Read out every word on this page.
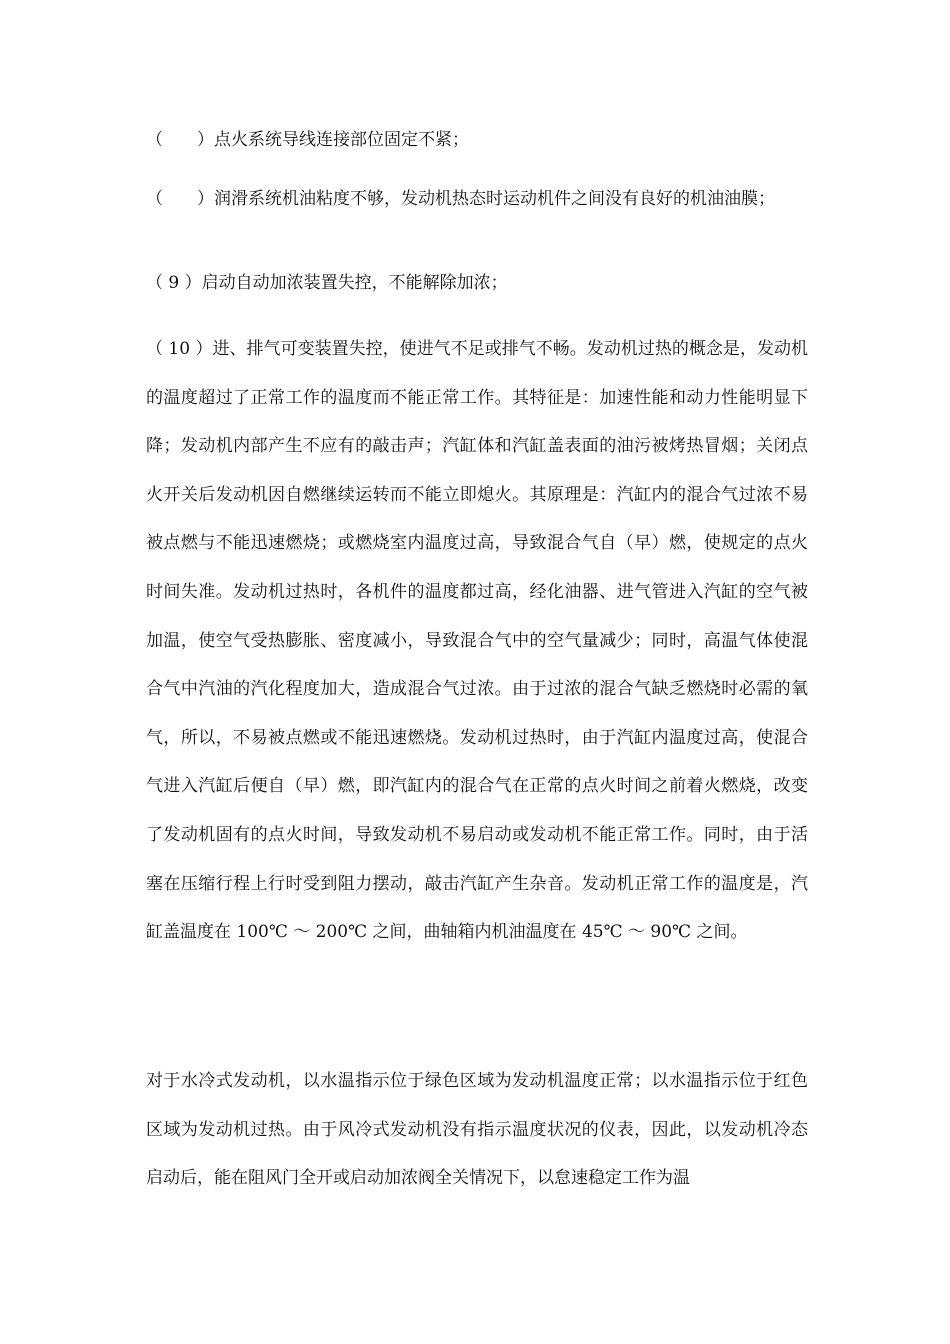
（　　）点火系统导线连接部位固定不紧；

（　　）润滑系统机油粘度不够，发动机热态时运动机件之间没有良好的机油油膜；

（ 9 ）启动自动加浓装置失控，不能解除加浓；

（ 10 ）进、排气可变装置失控，使进气不足或排气不畅。发动机过热的概念是，发动机的温度超过了正常工作的温度而不能正常工作。其特征是：加速性能和动力性能明显下降；发动机内部产生不应有的敲击声；汽缸体和汽缸盖表面的油污被烤热冒烟；关闭点火开关后发动机因自燃继续运转而不能立即熄火。其原理是：汽缸内的混合气过浓不易被点燃与不能迅速燃烧；或燃烧室内温度过高，导致混合气自（早）燃，使规定的点火时间失准。发动机过热时，各机件的温度都过高，经化油器、进气管进入汽缸的空气被加温，使空气受热膨胀、密度减小，导致混合气中的空气量减少；同时，高温气体使混合气中汽油的汽化程度加大，造成混合气过浓。由于过浓的混合气缺乏燃烧时必需的氧气，所以，不易被点燃或不能迅速燃烧。发动机过热时，由于汽缸内温度过高，使混合气进入汽缸后便自（早）燃，即汽缸内的混合气在正常的点火时间之前着火燃烧，改变了发动机固有的点火时间，导致发动机不易启动或发动机不能正常工作。同时，由于活塞在压缩行程上行时受到阻力摆动，敲击汽缸产生杂音。发动机正常工作的温度是，汽缸盖温度在 100℃ ～ 200℃ 之间，曲轴箱内机油温度在 45℃ ～ 90℃ 之间。

对于水冷式发动机，以水温指示位于绿色区域为发动机温度正常；以水温指示位于红色区域为发动机过热。由于风冷式发动机没有指示温度状况的仪表，因此，以发动机冷态启动后，能在阻风门全开或启动加浓阀全关情况下，以怠速稳定工作为温
